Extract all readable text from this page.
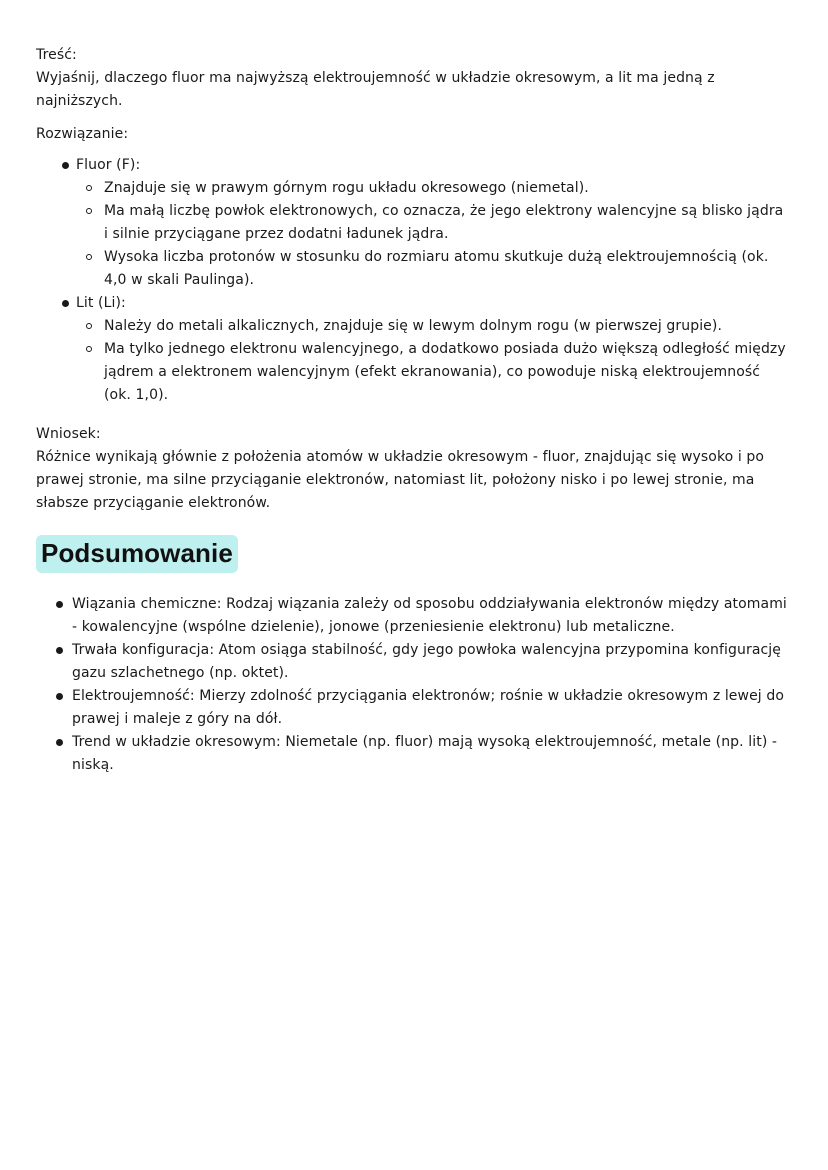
Treść:

Wyjaśnij, dlaczego fluor ma najwyższą elektroujemność w układzie okresowym, a lit ma jedną z najniższych.

Rozwiązanie:

Fluor (F):
Znajduje się w prawym górnym rogu układu okresowego (niemetal).
Ma małą liczbę powłok elektronowych, co oznacza, że jego elektrony walencyjne są blisko jądra i silnie przyciągane przez dodatni ładunek jądra.
Wysoka liczba protonów w stosunku do rozmiaru atomu skutkuje dużą elektroujemnością (ok. 4,0 w skali Paulinga).
Lit (Li):
Należy do metali alkalicznych, znajduje się w lewym dolnym rogu (w pierwszej grupie).
Ma tylko jednego elektronu walencyjnego, a dodatkowo posiada dużo większą odległość między jądrem a elektronem walencyjnym (efekt ekranowania), co powoduje niską elektroujemność (ok. 1,0).

Wniosek:

Różnice wynikają głównie z położenia atomów w układzie okresowym - fluor, znajdując się wysoko i po prawej stronie, ma silne przyciąganie elektronów, natomiast lit, położony nisko i po lewej stronie, ma słabsze przyciąganie elektronów.

Podsumowanie
Wiązania chemiczne: Rodzaj wiązania zależy od sposobu oddziaływania elektronów między atomami - kowalencyjne (wspólne dzielenie), jonowe (przeniesienie elektronu) lub metaliczne.
Trwała konfiguracja: Atom osiąga stabilność, gdy jego powłoka walencyjna przypomina konfigurację gazu szlachetnego (np. oktet).
Elektroujemność: Mierzy zdolność przyciągania elektronów; rośnie w układzie okresowym z lewej do prawej i maleje z góry na dół.
Trend w układzie okresowym: Niemetale (np. fluor) mają wysoką elektroujemność, metale (np. lit) - niską.
